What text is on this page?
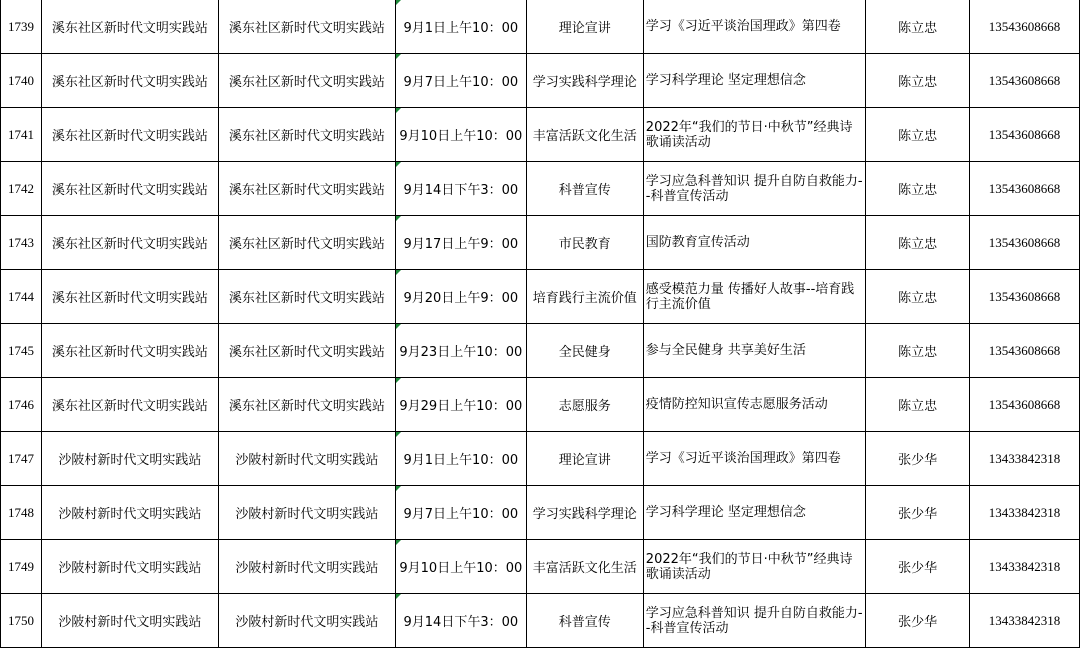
1739	溪东社区新时代文明实践站	溪东社区新时代文明实践站	9月1日上午10：00	理论宣讲	学习《习近平谈治国理政》第四卷	陈立忠	13543608668
1740	溪东社区新时代文明实践站	溪东社区新时代文明实践站	9月7日上午10：00	学习实践科学理论	学习科学理论 坚定理想信念	陈立忠	13543608668
1741	溪东社区新时代文明实践站	溪东社区新时代文明实践站	9月10日上午10：00	丰富活跃文化生活	2022年“我们的节日·中秋节”经典诗歌诵读活动	陈立忠	13543608668
1742	溪东社区新时代文明实践站	溪东社区新时代文明实践站	9月14日下午3：00	科普宣传	学习应急科普知识 提升自防自救能力--科普宣传活动	陈立忠	13543608668
1743	溪东社区新时代文明实践站	溪东社区新时代文明实践站	9月17日上午9：00	市民教育	国防教育宣传活动	陈立忠	13543608668
1744	溪东社区新时代文明实践站	溪东社区新时代文明实践站	9月20日上午9：00	培育践行主流价值	感受模范力量 传播好人故事--培育践行主流价值	陈立忠	13543608668
1745	溪东社区新时代文明实践站	溪东社区新时代文明实践站	9月23日上午10：00	全民健身	参与全民健身 共享美好生活	陈立忠	13543608668
1746	溪东社区新时代文明实践站	溪东社区新时代文明实践站	9月29日上午10：00	志愿服务	疫情防控知识宣传志愿服务活动	陈立忠	13543608668
1747	沙陂村新时代文明实践站	沙陂村新时代文明实践站	9月1日上午10：00	理论宣讲	学习《习近平谈治国理政》第四卷	张少华	13433842318
1748	沙陂村新时代文明实践站	沙陂村新时代文明实践站	9月7日上午10：00	学习实践科学理论	学习科学理论 坚定理想信念	张少华	13433842318
1749	沙陂村新时代文明实践站	沙陂村新时代文明实践站	9月10日上午10：00	丰富活跃文化生活	2022年“我们的节日·中秋节”经典诗歌诵读活动	张少华	13433842318
1750	沙陂村新时代文明实践站	沙陂村新时代文明实践站	9月14日下午3：00	科普宣传	学习应急科普知识 提升自防自救能力--科普宣传活动	张少华	13433842318
